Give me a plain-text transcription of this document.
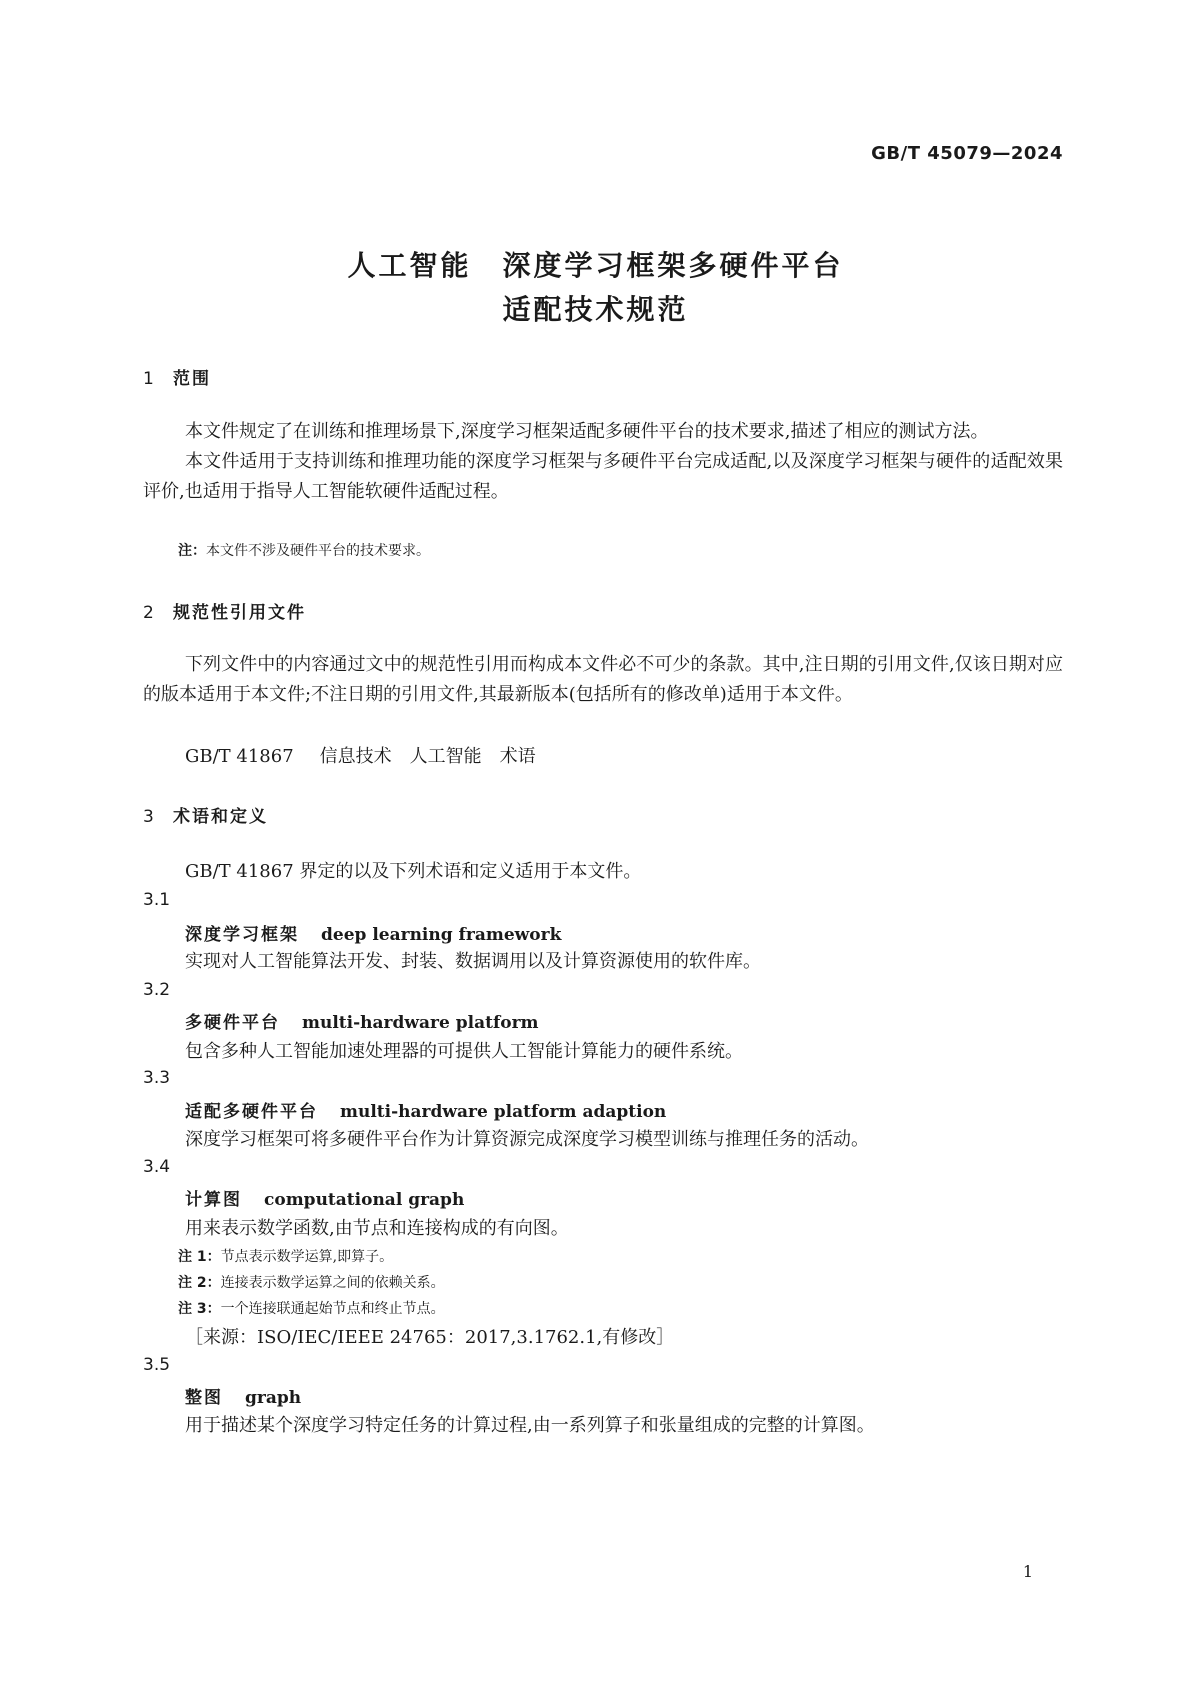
GB/T 45079—2024
人工智能　深度学习框架多硬件平台
适配技术规范
1 范围

本文件规定了在训练和推理场景下,深度学习框架适配多硬件平台的技术要求,描述了相应的测试方法。

本文件适用于支持训练和推理功能的深度学习框架与多硬件平台完成适配,以及深度学习框架与硬件的适配效果评价,也适用于指导人工智能软硬件适配过程。

注：本文件不涉及硬件平台的技术要求。
2 规范性引用文件

下列文件中的内容通过文中的规范性引用而构成本文件必不可少的条款。其中,注日期的引用文件,仅该日期对应的版本适用于本文件;不注日期的引用文件,其最新版本(包括所有的修改单)适用于本文件。

GB/T 41867 信息技术　人工智能　术语
3 术语和定义
GB/T 41867 界定的以及下列术语和定义适用于本文件。
3.1
深度学习框架 deep learning framework
实现对人工智能算法开发、封装、数据调用以及计算资源使用的软件库。
3.2
多硬件平台 multi-hardware platform
包含多种人工智能加速处理器的可提供人工智能计算能力的硬件系统。
3.3
适配多硬件平台 multi-hardware platform adaption
深度学习框架可将多硬件平台作为计算资源完成深度学习模型训练与推理任务的活动。
3.4
计算图 computational graph
用来表示数学函数,由节点和连接构成的有向图。
注 1：节点表示数学运算,即算子。
注 2：连接表示数学运算之间的依赖关系。
注 3：一个连接联通起始节点和终止节点。
［来源：ISO/IEC/IEEE 24765：2017,3.1762.1,有修改］
3.5
整图 graph
用于描述某个深度学习特定任务的计算过程,由一系列算子和张量组成的完整的计算图。
1
